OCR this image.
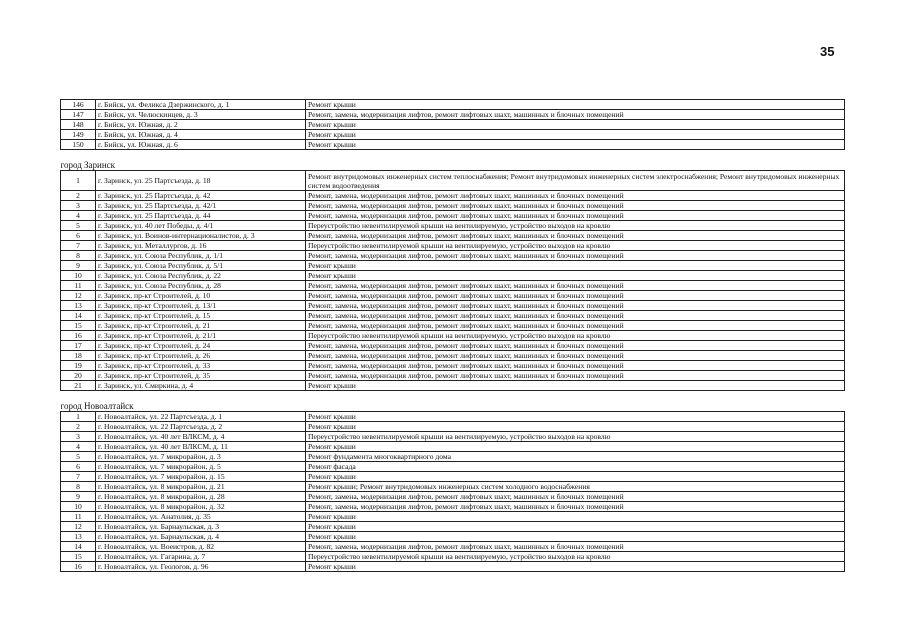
35
146	г. Бийск, ул. Феликса Дзержинского, д. 1	Ремонт крыши
147	г. Бийск, ул. Челюскинцев, д. 3	Ремонт, замена, модернизация лифтов, ремонт лифтовых шахт, машинных и блочных помещений
148	г. Бийск, ул. Южная, д. 2	Ремонт крыши
149	г. Бийск, ул. Южная, д. 4	Ремонт крыши
150	г. Бийск, ул. Южная, д. 6	Ремонт крыши
город Заринск		
1	г. Заринск, ул. 25 Партсъезда, д. 18	Ремонт внутридомовых инженерных систем теплоснабжения; Ремонт внутридомовых инженерных систем электроснабжения; Ремонт внутридомовых инженерных систем водоотведения
2	г. Заринск, ул. 25 Партсъезда, д. 42	Ремонт, замена, модернизация лифтов, ремонт лифтовых шахт, машинных и блочных помещений
3	г. Заринск, ул. 25 Партсъезда, д. 42/1	Ремонт, замена, модернизация лифтов, ремонт лифтовых шахт, машинных и блочных помещений
4	г. Заринск, ул. 25 Партсъезда, д. 44	Ремонт, замена, модернизация лифтов, ремонт лифтовых шахт, машинных и блочных помещений
5	г. Заринск, ул. 40 лет Победы, д. 4/1	Переустройство невентилируемой крыши на вентилируемую, устройство выходов на кровлю
6	г. Заринск, ул. Воинов-интернационалистов, д. 3	Ремонт, замена, модернизация лифтов, ремонт лифтовых шахт, машинных и блочных помещений
7	г. Заринск, ул. Металлургов, д. 16	Переустройство невентилируемой крыши на вентилируемую, устройство выходов на кровлю
8	г. Заринск, ул. Союза Республик, д. 1/1	Ремонт, замена, модернизация лифтов, ремонт лифтовых шахт, машинных и блочных помещений
9	г. Заринск, ул. Союза Республик, д. 5/1	Ремонт крыши
10	г. Заринск, ул. Союза Республик, д. 22	Ремонт крыши
11	г. Заринск, ул. Союза Республик, д. 28	Ремонт, замена, модернизация лифтов, ремонт лифтовых шахт, машинных и блочных помещений
12	г. Заринск, пр-кт Строителей, д. 10	Ремонт, замена, модернизация лифтов, ремонт лифтовых шахт, машинных и блочных помещений
13	г. Заринск, пр-кт Строителей, д. 13/1	Ремонт, замена, модернизация лифтов, ремонт лифтовых шахт, машинных и блочных помещений
14	г. Заринск, пр-кт Строителей, д. 15	Ремонт, замена, модернизация лифтов, ремонт лифтовых шахт, машинных и блочных помещений
15	г. Заринск, пр-кт Строителей, д. 21	Ремонт, замена, модернизация лифтов, ремонт лифтовых шахт, машинных и блочных помещений
16	г. Заринск, пр-кт Строителей, д. 21/1	Переустройство невентилируемой крыши на вентилируемую, устройство выходов на кровлю
17	г. Заринск, пр-кт Строителей, д. 24	Ремонт, замена, модернизация лифтов, ремонт лифтовых шахт, машинных и блочных помещений
18	г. Заринск, пр-кт Строителей, д. 26	Ремонт, замена, модернизация лифтов, ремонт лифтовых шахт, машинных и блочных помещений
19	г. Заринск, пр-кт Строителей, д. 33	Ремонт, замена, модернизация лифтов, ремонт лифтовых шахт, машинных и блочных помещений
20	г. Заринск, пр-кт Строителей, д. 35	Ремонт, замена, модернизация лифтов, ремонт лифтовых шахт, машинных и блочных помещений
21	г. Заринск, ул. Смиркина, д. 4	Ремонт крыши
город Новоалтайск		
1	г. Новоалтайск, ул. 22 Партсъезда, д. 1	Ремонт крыши
2	г. Новоалтайск, ул. 22 Партсъезда, д. 2	Ремонт крыши
3	г. Новоалтайск, ул. 40 лет ВЛКСМ, д. 4	Переустройство невентилируемой крыши на вентилируемую, устройство выходов на кровлю
4	г. Новоалтайск, ул. 40 лет ВЛКСМ, д. 11	Ремонт крыши
5	г. Новоалтайск, ул. 7 микрорайон, д. 3	Ремонт фундамента многоквартирного дома
6	г. Новоалтайск, ул. 7 микрорайон, д. 5	Ремонт фасада
7	г. Новоалтайск, ул. 7 микрорайон, д. 15	Ремонт крыши
8	г. Новоалтайск, ул. 8 микрорайон, д. 21	Ремонт крыши; Ремонт внутридомовых инженерных систем холодного водоснабжения
9	г. Новоалтайск, ул. 8 микрорайон, д. 28	Ремонт, замена, модернизация лифтов, ремонт лифтовых шахт, машинных и блочных помещений
10	г. Новоалтайск, ул. 8 микрорайон, д. 32	Ремонт, замена, модернизация лифтов, ремонт лифтовых шахт, машинных и блочных помещений
11	г. Новоалтайск, ул. Анатолия, д. 35	Ремонт крыши
12	г. Новоалтайск, ул. Барнаульская, д. 3	Ремонт крыши
13	г. Новоалтайск, ул. Барнаульская, д. 4	Ремонт крыши
14	г. Новоалтайск, ул. Воеистров, д. 82	Ремонт, замена, модернизация лифтов, ремонт лифтовых шахт, машинных и блочных помещений
15	г. Новоалтайск, ул. Гагарина, д. 7	Переустройство невентилируемой крыши на вентилируемую, устройство выходов на кровлю
16	г. Новоалтайск, ул. Геологов, д. 96	Ремонт крыши
